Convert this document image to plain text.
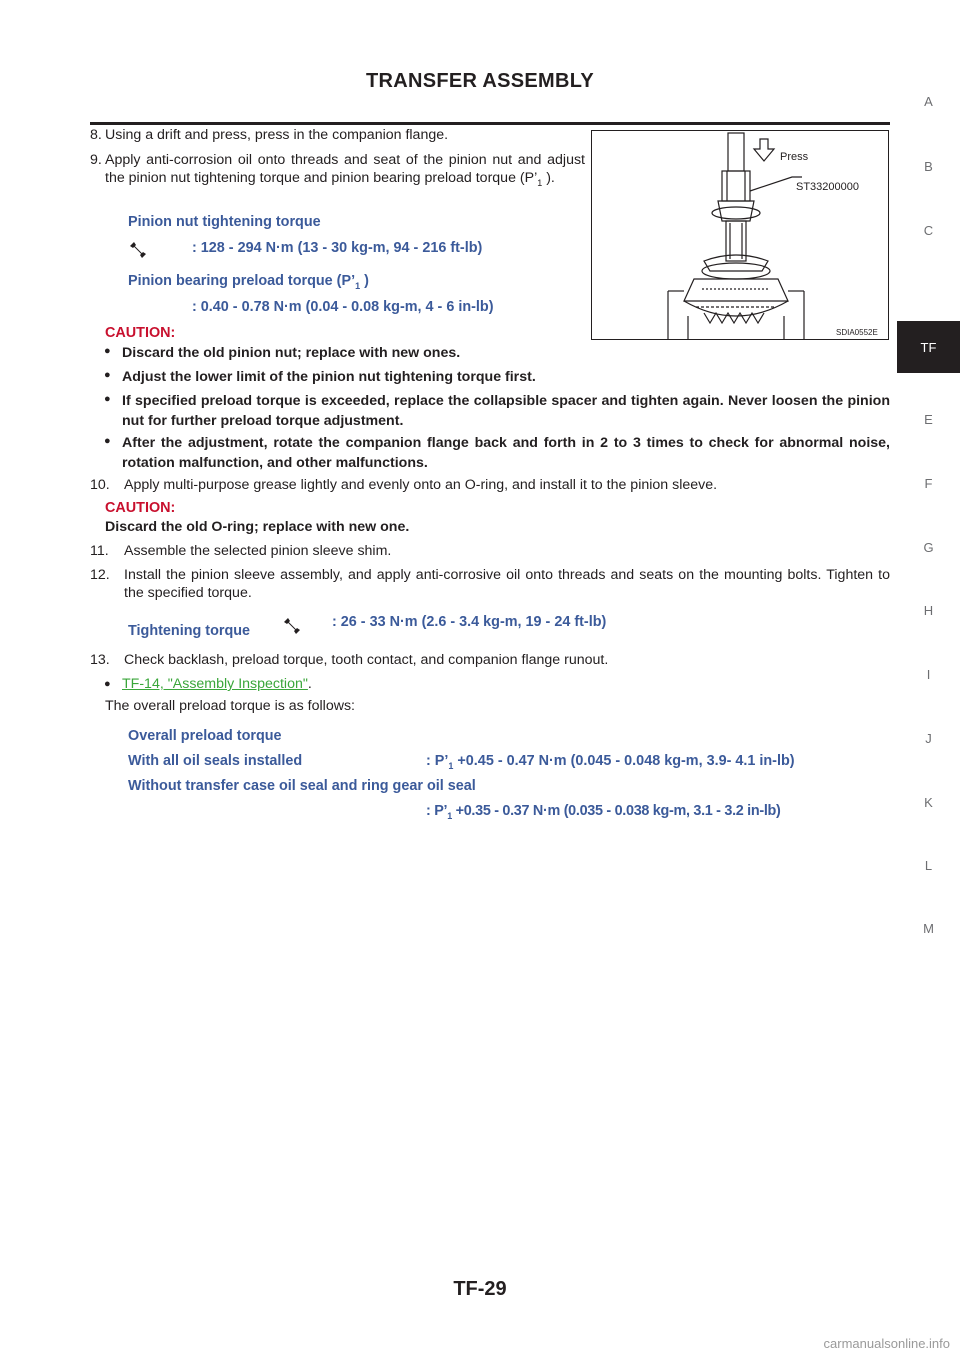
TRANSFER ASSEMBLY
A
B
C
TF
E
F
G
H
I
J
K
L
M
Press
ST33200000
SDIA0552E
8. Using a drift and press, press in the companion flange.
9. Apply anti-corrosion oil onto threads and seat of the pinion nut and adjust the pinion nut tightening torque and pinion bearing preload torque ($P’_1$ ).
Pinion nut tightening torque
: 128 - 294 N·m (13 - 30 kg-m, 94 - 216 ft-lb)
Pinion bearing preload torque ($P’_1$ )
: 0.40 - 0.78 N·m (0.04 - 0.08 kg-m, 4 - 6 in-lb)
CAUTION:
● Discard the old pinion nut; replace with new ones.
● Adjust the lower limit of the pinion nut tightening torque first.
● If specified preload torque is exceeded, replace the collapsible spacer and tighten again. Never loosen the pinion nut for further preload torque adjustment.
● After the adjustment, rotate the companion flange back and forth in 2 to 3 times to check for abnormal noise, rotation malfunction, and other malfunctions.
10. Apply multi-purpose grease lightly and evenly onto an O-ring, and install it to the pinion sleeve.
CAUTION:
Discard the old O-ring; replace with new one.
11. Assemble the selected pinion sleeve shim.
12. Install the pinion sleeve assembly, and apply anti-corrosive oil onto threads and seats on the mounting bolts. Tighten to the specified torque.
Tightening torque
: 26 - 33 N·m (2.6 - 3.4 kg-m, 19 - 24 ft-lb)
13. Check backlash, preload torque, tooth contact, and companion flange runout.
● TF-14, "Assembly Inspection".
The overall preload torque is as follows:
Overall preload torque
With all oil seals installed	: $P’_1 +0.45 - 0.47$ N·m (0.045 - 0.048 kg-m, 3.9- 4.1 in-lb)
Without transfer case oil seal and ring gear oil seal
: $P’_1 +0.35 - 0.37$ N·m (0.035 - 0.038 kg-m, 3.1 - 3.2 in-lb)
TF-29
carmanualsonline.info
